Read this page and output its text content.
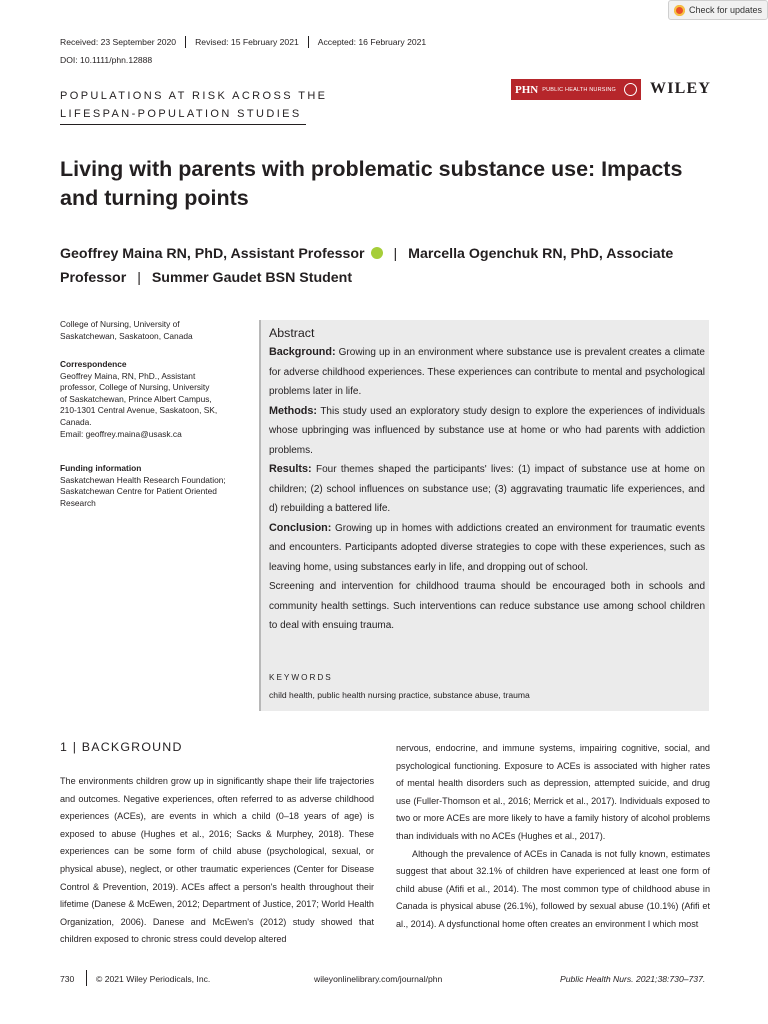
Check for updates
Received: 23 September 2020	Revised: 15 February 2021	Accepted: 16 February 2021
DOI: 10.1111/phn.12888
POPULATIONS AT RISK ACROSS THE
LIFESPAN-POPULATION STUDIES
PHN PUBLIC HEALTH NURSING	WILEY
Living with parents with problematic substance use: Impacts and turning points
Geoffrey Maina RN, PhD, Assistant Professor | Marcella Ogenchuk RN, PhD, Associate
Professor | Summer Gaudet BSN Student
College of Nursing, University of
Saskatchewan, Saskatoon, Canada
Correspondence
Geoffrey Maina, RN, PhD., Assistant
professor, College of Nursing, University
of Saskatchewan, Prince Albert Campus,
210-1301 Central Avenue, Saskatoon, SK,
Canada.
Email: geoffrey.maina@usask.ca
Funding information
Saskatchewan Health Research Foundation;
Saskatchewan Centre for Patient Oriented
Research
Abstract

Background: Growing up in an environment where substance use is prevalent creates a climate for adverse childhood experiences. These experiences can contribute to mental and psychological problems later in life.

Methods: This study used an exploratory study design to explore the experiences of individuals whose upbringing was influenced by substance use at home or who had parents with addiction problems.

Results: Four themes shaped the participants' lives: (1) impact of substance use at home on children; (2) school influences on substance use; (3) aggravating traumatic life experiences, and d) rebuilding a battered life.

Conclusion: Growing up in homes with addictions created an environment for traumatic events and encounters. Participants adopted diverse strategies to cope with these experiences, such as leaving home, using substances early in life, and dropping out of school.

Screening and intervention for childhood trauma should be encouraged both in schools and community health settings. Such interventions can reduce substance use among school children to deal with ensuing trauma.

KEYWORDS
child health, public health nursing practice, substance abuse, trauma
1 | BACKGROUND

The environments children grow up in significantly shape their life trajectories and outcomes. Negative experiences, often referred to as adverse childhood experiences (ACEs), are events in which a child (0–18 years of age) is exposed to abuse (Hughes et al., 2016; Sacks & Murphey, 2018). These experiences can be some form of child abuse (psychological, sexual, or physical abuse), neglect, or other traumatic experiences (Center for Disease Control & Prevention, 2019). ACEs affect a person's health throughout their lifetime (Danese & McEwen, 2012; Department of Justice, 2017; World Health Organization, 2006). Danese and McEwen's (2012) study showed that children exposed to chronic stress could develop altered

nervous, endocrine, and immune systems, impairing cognitive, social, and psychological functioning. Exposure to ACEs is associated with higher rates of mental health disorders such as depression, attempted suicide, and drug use (Fuller-Thomson et al., 2016; Merrick et al., 2017). Individuals exposed to two or more ACEs are more likely to have a family history of alcohol problems than individuals with no ACEs (Hughes et al., 2017).

Although the prevalence of ACEs in Canada is not fully known, estimates suggest that about 32.1% of children have experienced at least one form of child abuse (Afifi et al., 2014). The most common type of childhood abuse in Canada is physical abuse (26.1%), followed by sexual abuse (10.1%) (Afifi et al., 2014). A dysfunctional home often creates an environment I which most

730	© 2021 Wiley Periodicals, Inc.	wileyonlinelibrary.com/journal/phn	Public Health Nurs. 2021;38:730–737.
